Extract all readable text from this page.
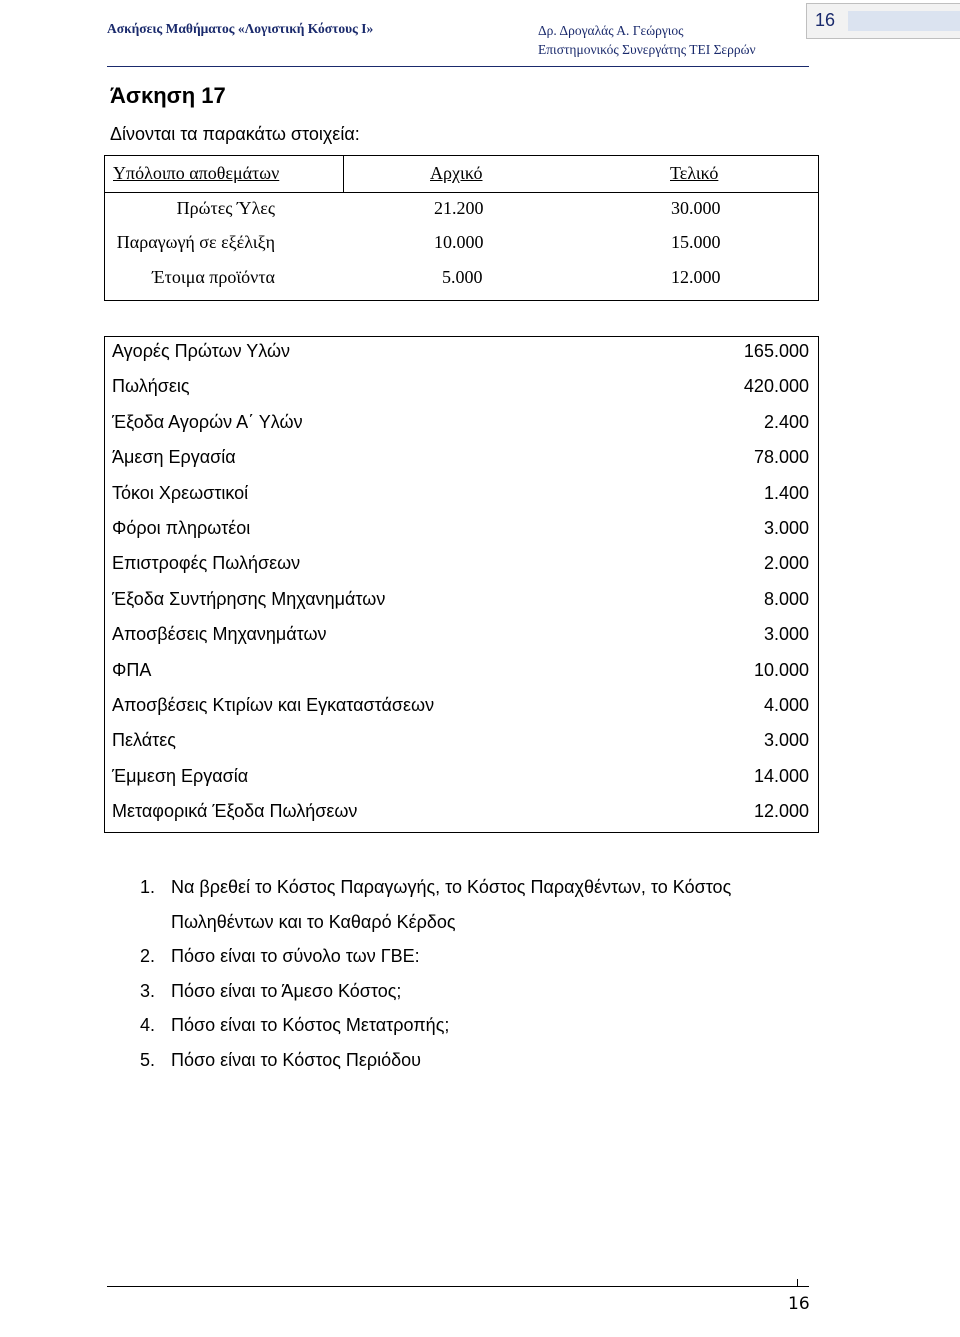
Ασκήσεις Μαθήματος «Λογιστική Κόστους Ι»	Δρ. Δρογαλάς Α. Γεώργιος
Επιστημονικός Συνεργάτης ΤΕΙ Σερρών
16
Άσκηση 17
Δίνονται τα παρακάτω στοιχεία:
Υπόλοιπο αποθεμάτων	Αρχικό	Τελικό
Πρώτες Ύλες	21.200	30.000
Παραγωγή σε εξέλιξη	10.000	15.000
Έτοιμα προϊόντα	5.000	12.000
Αγορές Πρώτων Υλών	165.000
Πωλήσεις	420.000
Έξοδα Αγορών Α΄ Υλών	2.400
Άμεση Εργασία	78.000
Τόκοι Χρεωστικοί	1.400
Φόροι πληρωτέοι	3.000
Επιστροφές Πωλήσεων	2.000
Έξοδα Συντήρησης Μηχανημάτων	8.000
Αποσβέσεις Μηχανημάτων	3.000
ΦΠΑ	10.000
Αποσβέσεις Κτιρίων και Εγκαταστάσεων	4.000
Πελάτες	3.000
Έμμεση Εργασία	14.000
Μεταφορικά Έξοδα Πωλήσεων	12.000
1. Να βρεθεί το Κόστος Παραγωγής, το Κόστος Παραχθέντων, το Κόστος Πωληθέντων και το Καθαρό Κέρδος
2. Πόσο είναι το σύνολο των ΓΒΕ:
3. Πόσο είναι το Άμεσο Κόστος;
4. Πόσο είναι το Κόστος Μετατροπής;
5. Πόσο είναι το Κόστος Περιόδου
16
